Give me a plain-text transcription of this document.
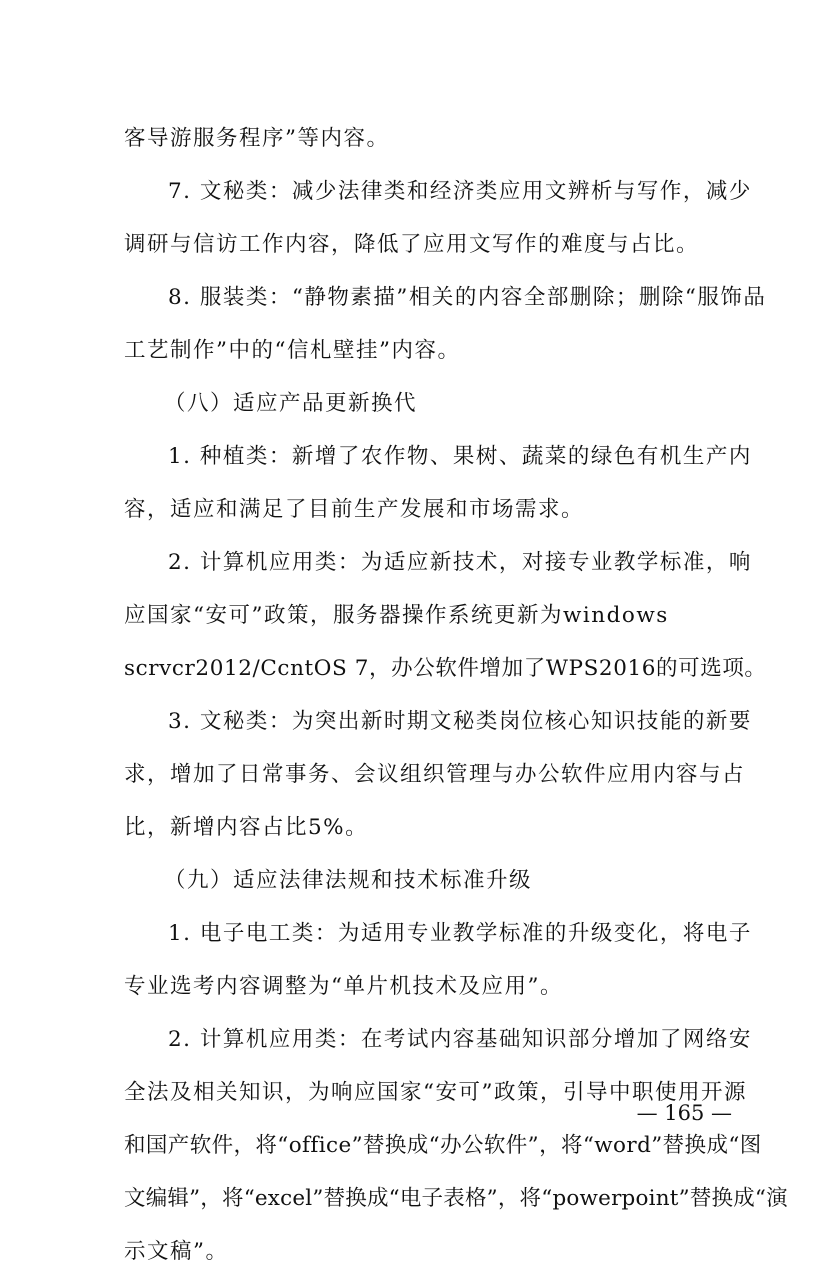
客导游服务程序”等内容。
7. 文秘类：减少法律类和经济类应用文辨析与写作，减少
调研与信访工作内容，降低了应用文写作的难度与占比。
8. 服装类：“静物素描”相关的内容全部删除；删除“服饰品
工艺制作”中的“信札壁挂”内容。
（八）适应产品更新换代
1. 种植类：新增了农作物、果树、蔬菜的绿色有机生产内
容，适应和满足了目前生产发展和市场需求。
2. 计算机应用类：为适应新技术，对接专业教学标准，响
应国家“安可”政策，服务器操作系统更新为windows
scrvcr2012/CcntOS 7，办公软件增加了WPS2016的可选项。
3. 文秘类：为突出新时期文秘类岗位核心知识技能的新要
求，增加了日常事务、会议组织管理与办公软件应用内容与占
比，新增内容占比5%。
（九）适应法律法规和技术标准升级
1. 电子电工类：为适用专业教学标准的升级变化，将电子
专业选考内容调整为“单片机技术及应用”。
2. 计算机应用类：在考试内容基础知识部分增加了网络安
全法及相关知识，为响应国家“安可”政策，引导中职使用开源
和国产软件，将“office”替换成“办公软件”，将“word”替换成“图
文编辑”，将“excel”替换成“电子表格”，将“powerpoint”替换成“演
示文稿”。
— 165 —
